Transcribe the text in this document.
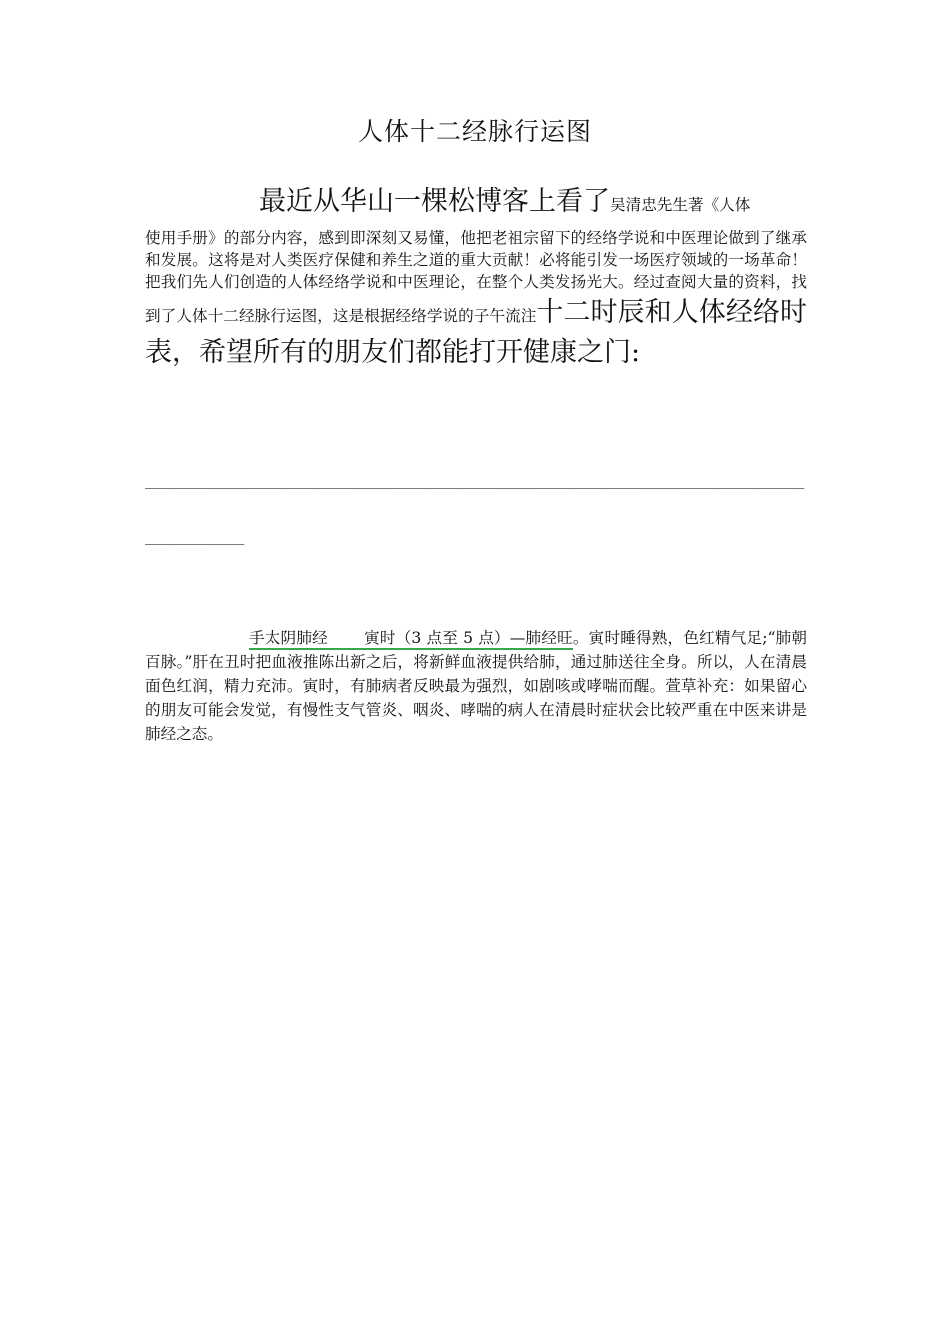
人体十二经脉行运图
最近从华山一棵松博客上看了吴清忠先生著《人体
使用手册》的部分内容，感到即深刻又易懂，他把老祖宗留下的经络学说和中医理论做到了继承和发展。这将是对人类医疗保健和养生之道的重大贡献！必将能引发一场医疗领域的一场革命！把我们先人们创造的人体经络学说和中医理论，在整个人类发扬光大。经过查阅大量的资料，找到了人体十二经脉行运图，这是根据经络学说的子午流注十二时辰和人体经络时表，希望所有的朋友们都能打开健康之门:
____________________________________________________________________________________
手太阴肺经 寅时（3 点至 5 点）—肺经旺。寅时睡得熟，色红精气足;“肺朝百脉。”肝在丑时把血液推陈出新之后，将新鲜血液提供给肺，通过肺送往全身。所以，人在清晨面色红润，精力充沛。寅时，有肺病者反映最为强烈，如剧咳或哮喘而醒。萱草补充：如果留心的朋友可能会发觉，有慢性支气管炎、咽炎、哮喘的病人在清晨时症状会比较严重在中医来讲是肺经之态。
